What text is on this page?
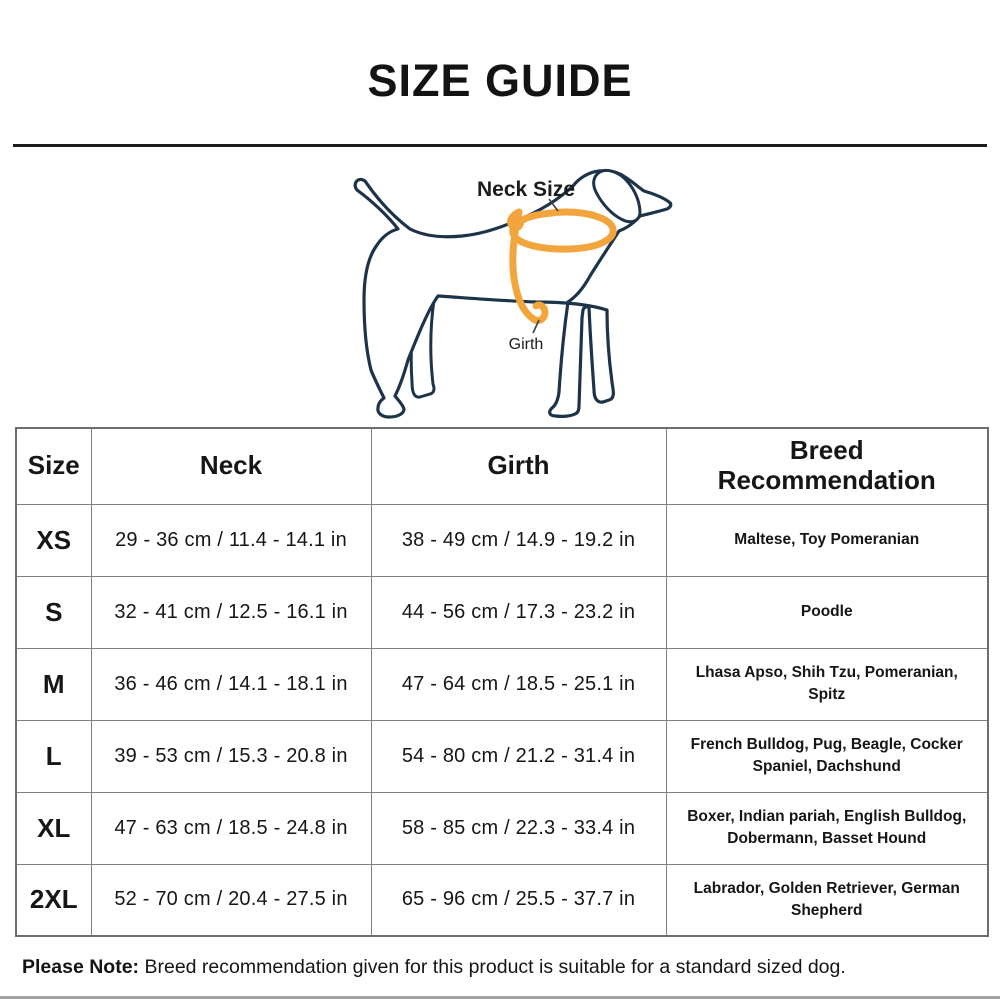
SIZE GUIDE
Neck Size
Girth
Size	Neck	Girth	Breed Recommendation

XS	29 - 36 cm / 11.4 - 14.1 in	38 - 49 cm / 14.9 - 19.2 in	Maltese, Toy Pomeranian

S	32 - 41 cm / 12.5 - 16.1 in	44 - 56 cm / 17.3 - 23.2 in	Poodle

M	36 - 46 cm / 14.1 - 18.1 in	47 - 64 cm / 18.5 - 25.1 in	Lhasa Apso, Shih Tzu, Pomeranian, Spitz

L	39 - 53 cm / 15.3 - 20.8 in	54 - 80 cm / 21.2 - 31.4 in	French Bulldog, Pug, Beagle, Cocker Spaniel, Dachshund

XL	47 - 63 cm / 18.5 - 24.8 in	58 - 85 cm / 22.3 - 33.4 in	Boxer, Indian pariah, English Bulldog, Dobermann, Basset Hound

2XL	52 - 70 cm / 20.4 - 27.5 in	65 - 96 cm / 25.5 - 37.7 in	Labrador, Golden Retriever, German Shepherd
Please Note: Breed recommendation given for this product is suitable for a standard sized dog.
